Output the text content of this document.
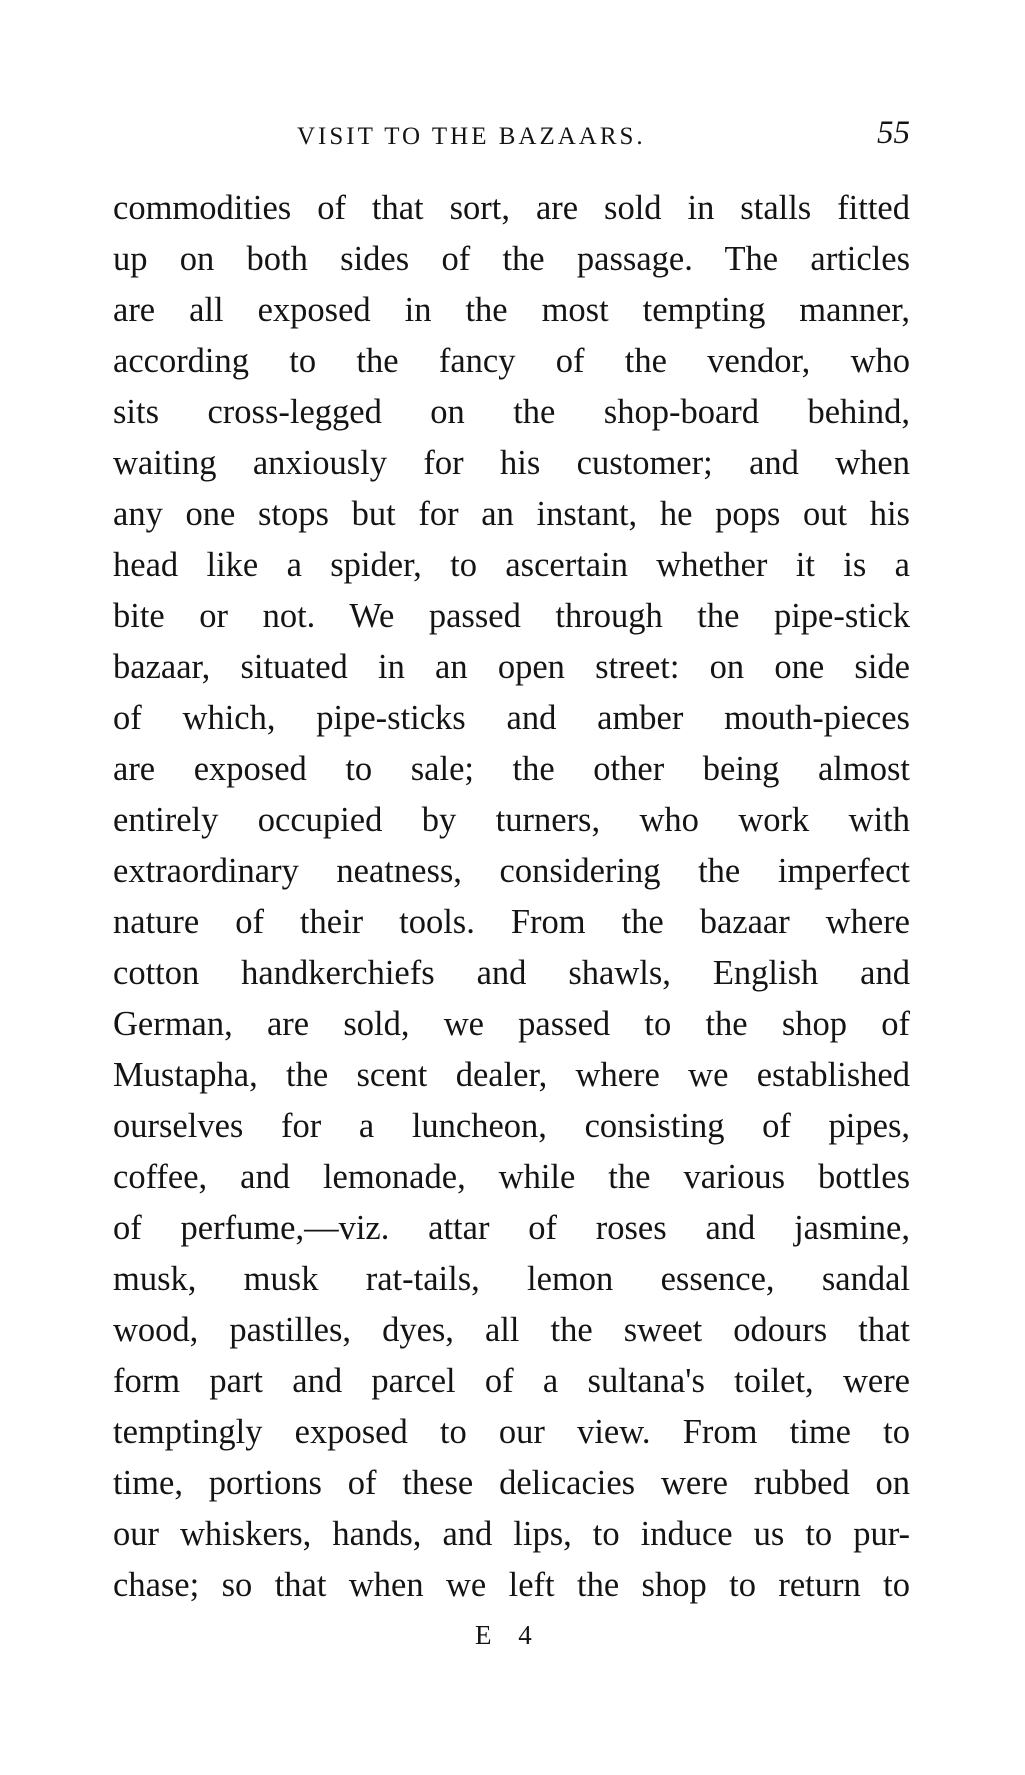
VISIT TO THE BAZAARS.	55
commodities of that sort, are sold in stalls fitted
up on both sides of the passage. The articles
are all exposed in the most tempting manner,
according to the fancy of the vendor, who
sits cross-legged on the shop-board behind,
waiting anxiously for his customer; and when
any one stops but for an instant, he pops out his
head like a spider, to ascertain whether it is a
bite or not. We passed through the pipe-stick
bazaar, situated in an open street: on one side
of which, pipe-sticks and amber mouth-pieces
are exposed to sale; the other being almost
entirely occupied by turners, who work with
extraordinary neatness, considering the imperfect
nature of their tools. From the bazaar where
cotton handkerchiefs and shawls, English and
German, are sold, we passed to the shop of
Mustapha, the scent dealer, where we established
ourselves for a luncheon, consisting of pipes,
coffee, and lemonade, while the various bottles
of perfume,—viz. attar of roses and jasmine,
musk, musk rat-tails, lemon essence, sandal
wood, pastilles, dyes, all the sweet odours that
form part and parcel of a sultana's toilet, were
temptingly exposed to our view. From time to
time, portions of these delicacies were rubbed on
our whiskers, hands, and lips, to induce us to pur-
chase; so that when we left the shop to return to
E 4
